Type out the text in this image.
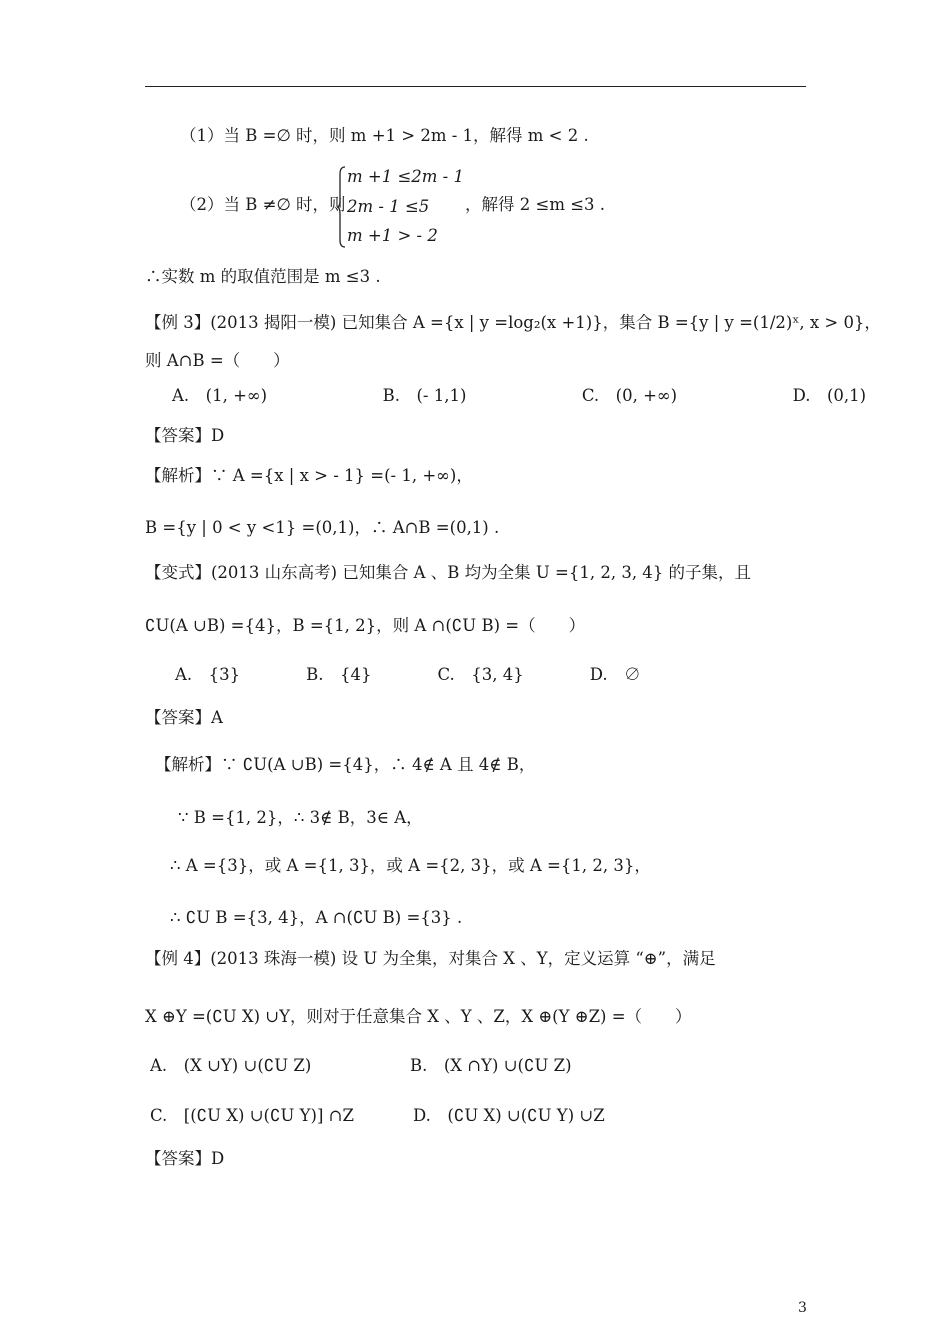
（1）当 B =∅ 时，则 m +1 > 2m - 1，解得 m < 2 .
（2）当 B ≠∅ 时，则
m +1 ≤2m - 1
2m - 1 ≤5
m +1 > - 2
，解得 2 ≤m ≤3 .
∴实数 m 的取值范围是 m ≤3 .
【例 3】(2013 揭阳一模) 已知集合 A ={x | y =log₂(x +1)}，集合 B ={y | y =(1/2)ˣ, x > 0}，
则 A∩B =（　　）
A.　(1, +∞)　　　　　　　B.　(- 1,1)　　　　　　　C.　(0, +∞)　　　　　　　D.　(0,1)
【答案】D
【解析】∵ A ={x | x > - 1} =(- 1, +∞)，
B ={y | 0 < y <1} =(0,1)，∴ A∩B =(0,1) .
【变式】(2013 山东高考) 已知集合 A 、B 均为全集 U ={1, 2, 3, 4} 的子集，且
∁U(A ∪B) ={4}，B ={1, 2}，则 A ∩(∁U B) =（　　）
A.　{3}　　　　B.　{4}　　　　C.　{3, 4}　　　　D.　∅
【答案】A
【解析】∵ ∁U(A ∪B) ={4}，∴ 4∉ A 且 4∉ B，
∵ B ={1, 2}，∴ 3∉ B，3∈ A，
∴ A ={3}，或 A ={1, 3}，或 A ={2, 3}，或 A ={1, 2, 3}，
∴ ∁U B ={3, 4}，A ∩(∁U B) ={3} .
【例 4】(2013 珠海一模) 设 U 为全集，对集合 X 、Y，定义运算 “⊕”，满足
X ⊕Y =(∁U X) ∪Y，则对于任意集合 X 、Y 、Z，X ⊕(Y ⊕Z) =（　　）
A.　(X ∪Y) ∪(∁U Z)	B.　(X ∩Y) ∪(∁U Z)
C.　[(∁U X) ∪(∁U Y)] ∩Z	D.　(∁U X) ∪(∁U Y) ∪Z
【答案】D
3
